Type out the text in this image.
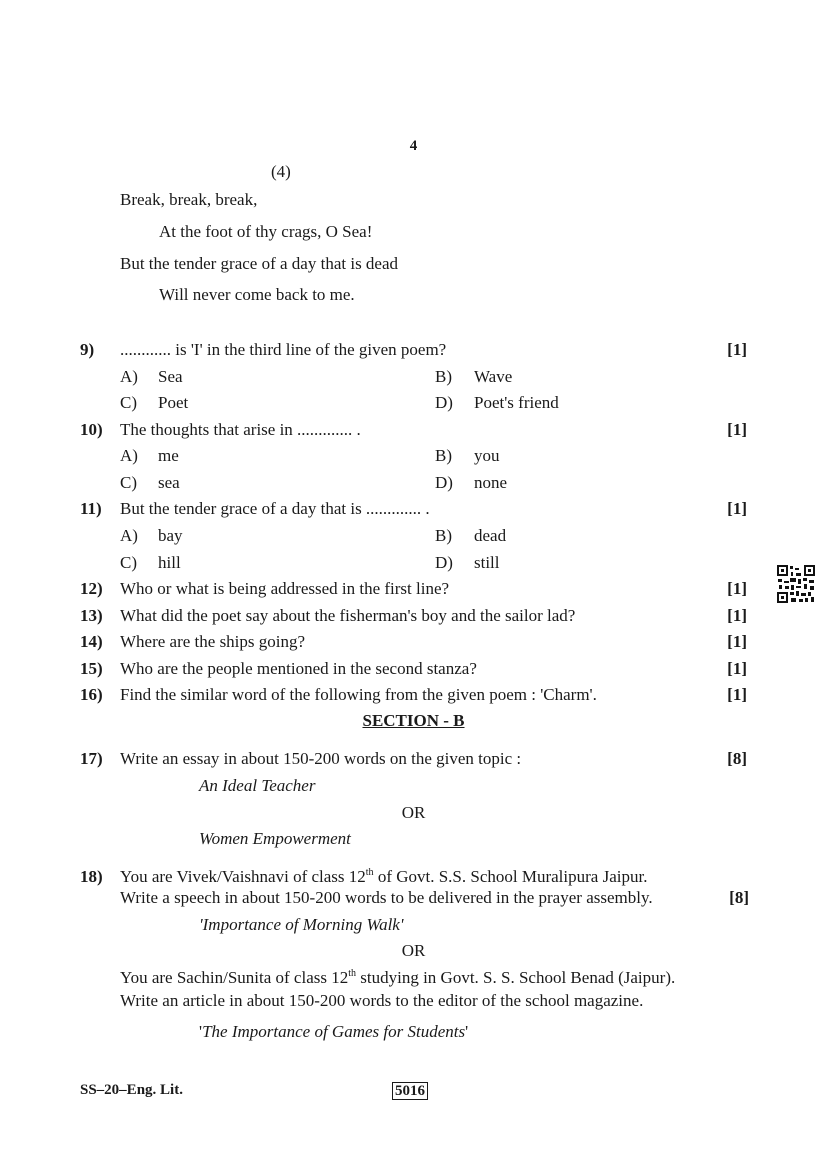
4
(4)
Break, break, break,
At the foot of thy crags, O Sea!
But the tender grace of a day that is dead
Will never come back to me.
9)	............ is 'I' in the third line of the given poem?	[1]
A) Sea	B) Wave
C) Poet	D) Poet's friend
10)	The thoughts that arise in ............. .	[1]
A) me	B) you
C) sea	D) none
11)	But the tender grace of a day that is ............. .	[1]
A) bay	B) dead
C) hill	D) still
12)	Who or what is being addressed in the first line?	[1]
13)	What did the poet say about the fisherman's boy and the sailor lad?	[1]
14)	Where are the ships going?	[1]
15)	Who are the people mentioned in the second stanza?	[1]
16)	Find the similar word of the following from the given poem : 'Charm'.	[1]
SECTION - B
17)	Write an essay in about 150-200 words on the given topic :	[8]
An Ideal Teacher
OR
Women Empowerment
18)	You are Vivek/Vaishnavi of class 12th of Govt. S.S. School Muralipura Jaipur.
Write a speech in about 150-200 words to be delivered in the prayer assembly.	[8]
'Importance of Morning Walk'
OR
You are Sachin/Sunita of class 12th studying in Govt. S. S. School Benad (Jaipur).
Write an article in about 150-200 words to the editor of the school magazine.
'The Importance of Games for Students'
SS–20–Eng. Lit.	5016
